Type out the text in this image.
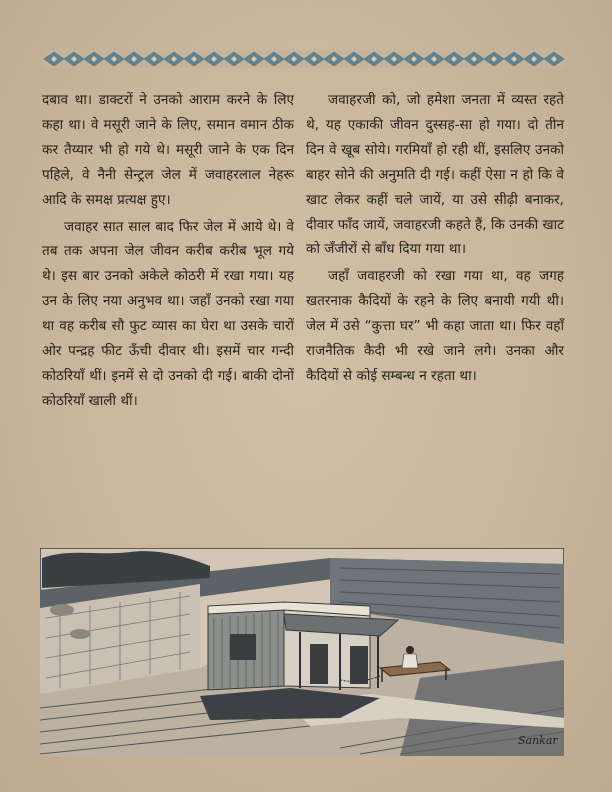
दबाव था। डाक्टरों ने उनको आराम करने के लिए कहा था। वे मसूरी जाने के लिए, समान वमान ठीक कर तैय्यार भी हो गये थे। मसूरी जाने के एक दिन पहिले, वे नैनी सेन्ट्रल जेल में जवाहरलाल नेहरू आदि के समक्ष प्रत्यक्ष हुए।

जवाहर सात साल बाद फिर जेल में आये थे। वे तब तक अपना जेल जीवन करीब करीब भूल गये थे। इस बार उनको अकेले कोठरी में रखा गया। यह उन के लिए नया अनुभव था। जहाँ उनको रखा गया था वह करीब सौ फुट व्यास का घेरा था उसके चारों ओर पन्द्रह फीट ऊँची दीवार थी। इसमें चार गन्दी कोठरियाँ थीं। इनमें से दो उनको दी गई। बाकी दोनों कोठरियाँ खाली थीं।

जवाहरजी को, जो हमेशा जनता में व्यस्त रहते थे, यह एकाकी जीवन दुस्सह-सा हो गया। दो तीन दिन वे खूब सोये। गरमियाँ हो रही थीं, इसलिए उनको बाहर सोने की अनुमति दी गई। कहीं ऐसा न हो कि वे खाट लेकर कहीं चले जायें, या उसे सीढ़ी बनाकर, दीवार फाँद जायें, जवाहरजी कहते हैं, कि उनकी खाट को जँजीरों से बाँध दिया गया था।

जहाँ जवाहरजी को रखा गया था, वह जगह खतरनाक कैदियों के रहने के लिए बनायी गयी थी। जेल में उसे “कुत्ता घर” भी कहा जाता था। फिर वहाँ राजनैतिक कैदी भी रखे जाने लगे। उनका और कैदियों से कोई सम्बन्ध न रहता था।

Sankar
